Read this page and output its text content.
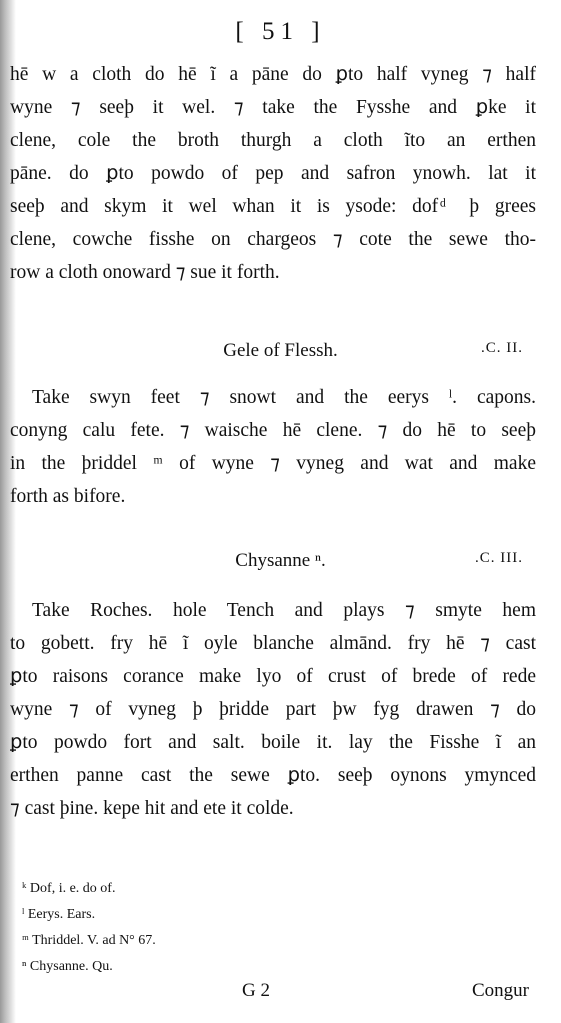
[ 51 ]
hē w a cloth do hē ĩ a pāne do ꝑto half vyneg ⁊ half
wyne ⁊ seeþ it wel. ⁊ take the Fysshe and ꝑke it
clene, cole the broth thurgh a cloth ĩto an erthen
pāne. do ꝑto powdo of pep and safron ynowh. lat it
seeþ and skym it wel whan it is ysode: dof ͩ þ grees
clene, cowche fisshe on chargeos ⁊ cote the sewe tho-
row a cloth onoward ⁊ sue it forth.
Gele of Flessh.	.C. II.
Take swyn feet ⁊ snowt and the eerys ˡ. capons.
conyng calu fete. ⁊ waische hē clene. ⁊ do hē to seeþ
in the þriddel ᵐ of wyne ⁊ vyneg and wat and make
forth as bifore.
Chysanne ⁿ.	.C. III.
Take Roches. hole Tench and plays ⁊ smyte hem
to gobett. fry hē ĩ oyle blanche almānd. fry hē ⁊ cast
ꝑto raisons corance make lyo of crust of brede of rede
wyne ⁊ of vyneg þ þridde part þw fyg drawen ⁊ do
ꝑto powdo fort and salt. boile it. lay the Fisshe ĩ an
erthen panne cast the sewe ꝑto. seeþ oynons ymynced
⁊ cast þine. kepe hit and ete it colde.
ᵏ Dof, i. e. do of.
ˡ Eerys. Ears.
ᵐ Thriddel. V. ad N° 67.
ⁿ Chysanne. Qu.
G 2	Congur
